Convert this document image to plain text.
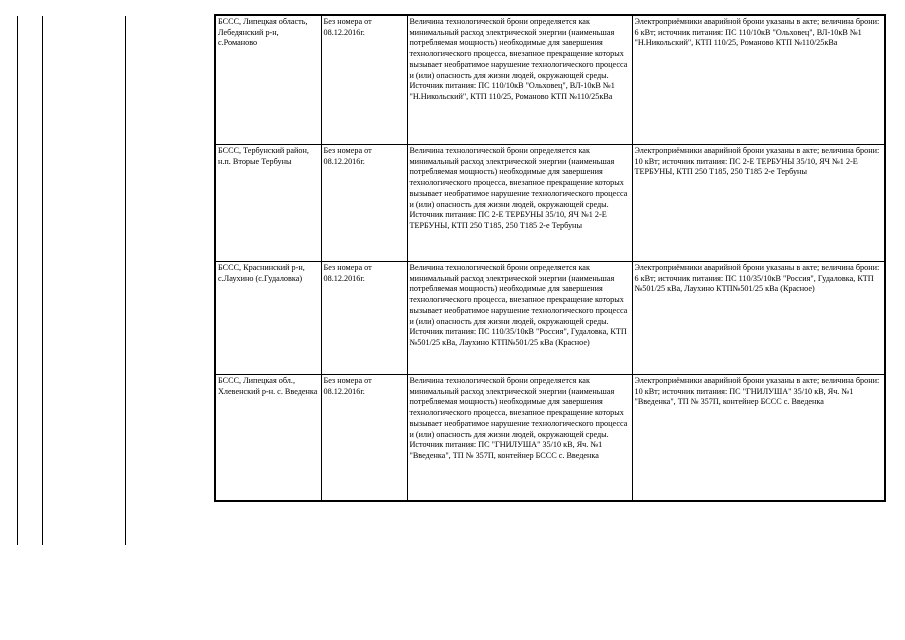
БССС, Липецкая область, Лебедянский р-н, с.Романово	Без номера от 08.12.2016г.	Величина технологической брони определяется как минимальный расход электрической энергии (наименьшая потребляемая мощность) необходимые для завершения технологического процесса, внезапное прекращение которых вызывает необратимое нарушение технологического процесса и (или) опасность для жизни людей, окружающей среды. Источник питания: ПС 110/10кВ "Ольховец", ВЛ-10кВ №1 "Н.Никольский", КТП 110/25, Романово КТП №110/25кВа	Электроприёмники аварийной брони указаны в акте; величина брони: 6 кВт; источник питания: ПС 110/10кВ "Ольховец", ВЛ-10кВ №1 "Н.Никольский", КТП 110/25, Романово КТП №110/25кВа
БССС, Тербунский район, н.п. Вторые Тербуны	Без номера от 08.12.2016г.	Величина технологической брони определяется как минимальный расход электрической энергии (наименьшая потребляемая мощность) необходимые для завершения технологического процесса, внезапное прекращение которых вызывает необратимое нарушение технологического процесса и (или) опасность для жизни людей, окружающей среды. Источник питания: ПС 2-Е ТЕРБУНЫ 35/10, ЯЧ №1 2-Е ТЕРБУНЫ, КТП 250 Т185, 250 Т185 2-е Тербуны	Электроприёмники аварийной брони указаны в акте; величина брони: 10 кВт; источник питания: ПС 2-Е ТЕРБУНЫ 35/10, ЯЧ №1 2-Е ТЕРБУНЫ, КТП 250 Т185, 250 Т185 2-е Тербуны
БССС, Краснинский р-н, с.Лаухино (с.Гудаловка)	Без номера от 08.12.2016г.	Величина технологической брони определяется как минимальный расход электрической энергии (наименьшая потребляемая мощность) необходимые для завершения технологического процесса, внезапное прекращение которых вызывает необратимое нарушение технологического процесса и (или) опасность для жизни людей, окружающей среды. Источник питания: ПС 110/35/10кВ "Россия", Гудаловка, КТП №501/25 кВа, Лаухино КТП№501/25 кВа (Красное)	Электроприёмники аварийной брони указаны в акте; величина брони: 6 кВт; источник питания: ПС 110/35/10кВ "Россия", Гудаловка, КТП №501/25 кВа, Лаухино КТП№501/25 кВа (Красное)
БССС, Липецкая обл., Хлевенский р-н. с. Введенка	Без номера от 08.12.2016г.	Величина технологической брони определяется как минимальный расход электрической энергии (наименьшая потребляемая мощность) необходимые для завершения технологического процесса, внезапное прекращение которых вызывает необратимое нарушение технологического процесса и (или) опасность для жизни людей, окружающей среды. Источник питания: ПС "ГНИЛУША" 35/10 кВ, Яч. №1 "Введенка", ТП № 357П, контейнер БССС с. Введенка	Электроприёмники аварийной брони указаны в акте; величина брони: 10 кВт; источник питания: ПС "ГНИЛУША" 35/10 кВ, Яч. №1 "Введенка", ТП № 357П, контейнер БССС с. Введенка
